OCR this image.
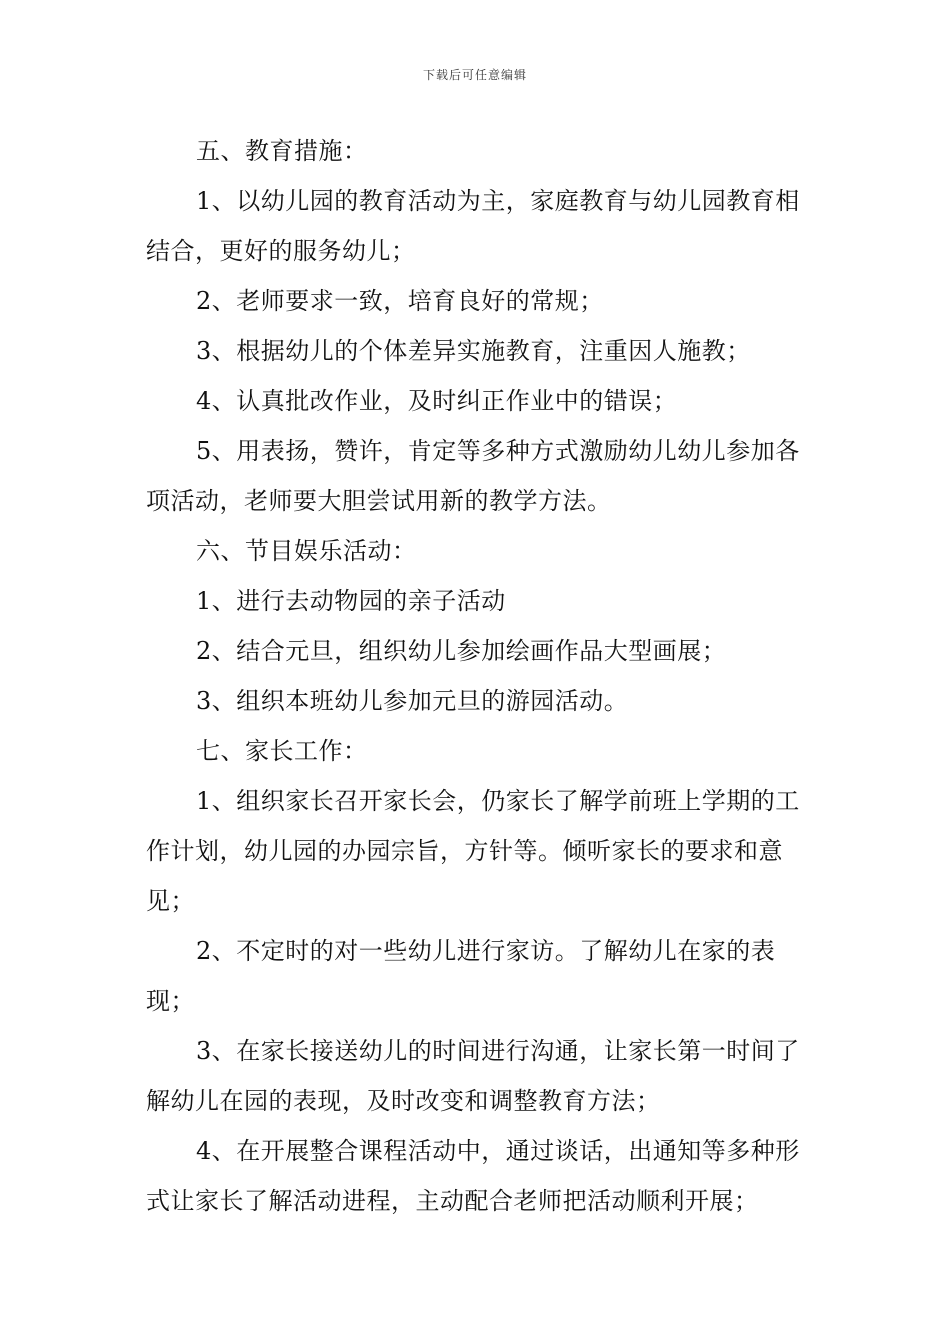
下载后可任意编辑

五、教育措施：

1、以幼儿园的教育活动为主，家庭教育与幼儿园教育相结合，更好的服务幼儿；

2、老师要求一致，培育良好的常规；

3、根据幼儿的个体差异实施教育，注重因人施教；

4、认真批改作业，及时纠正作业中的错误；

5、用表扬，赞许，肯定等多种方式激励幼儿幼儿参加各项活动，老师要大胆尝试用新的教学方法。

六、节目娱乐活动：

1、进行去动物园的亲子活动

2、结合元旦，组织幼儿参加绘画作品大型画展；

3、组织本班幼儿参加元旦的游园活动。

七、家长工作：

1、组织家长召开家长会，仍家长了解学前班上学期的工作计划，幼儿园的办园宗旨，方针等。倾听家长的要求和意见；

2、不定时的对一些幼儿进行家访。了解幼儿在家的表现；

3、在家长接送幼儿的时间进行沟通，让家长第一时间了解幼儿在园的表现，及时改变和调整教育方法；

4、在开展整合课程活动中，通过谈话，出通知等多种形式让家长了解活动进程，主动配合老师把活动顺利开展；
